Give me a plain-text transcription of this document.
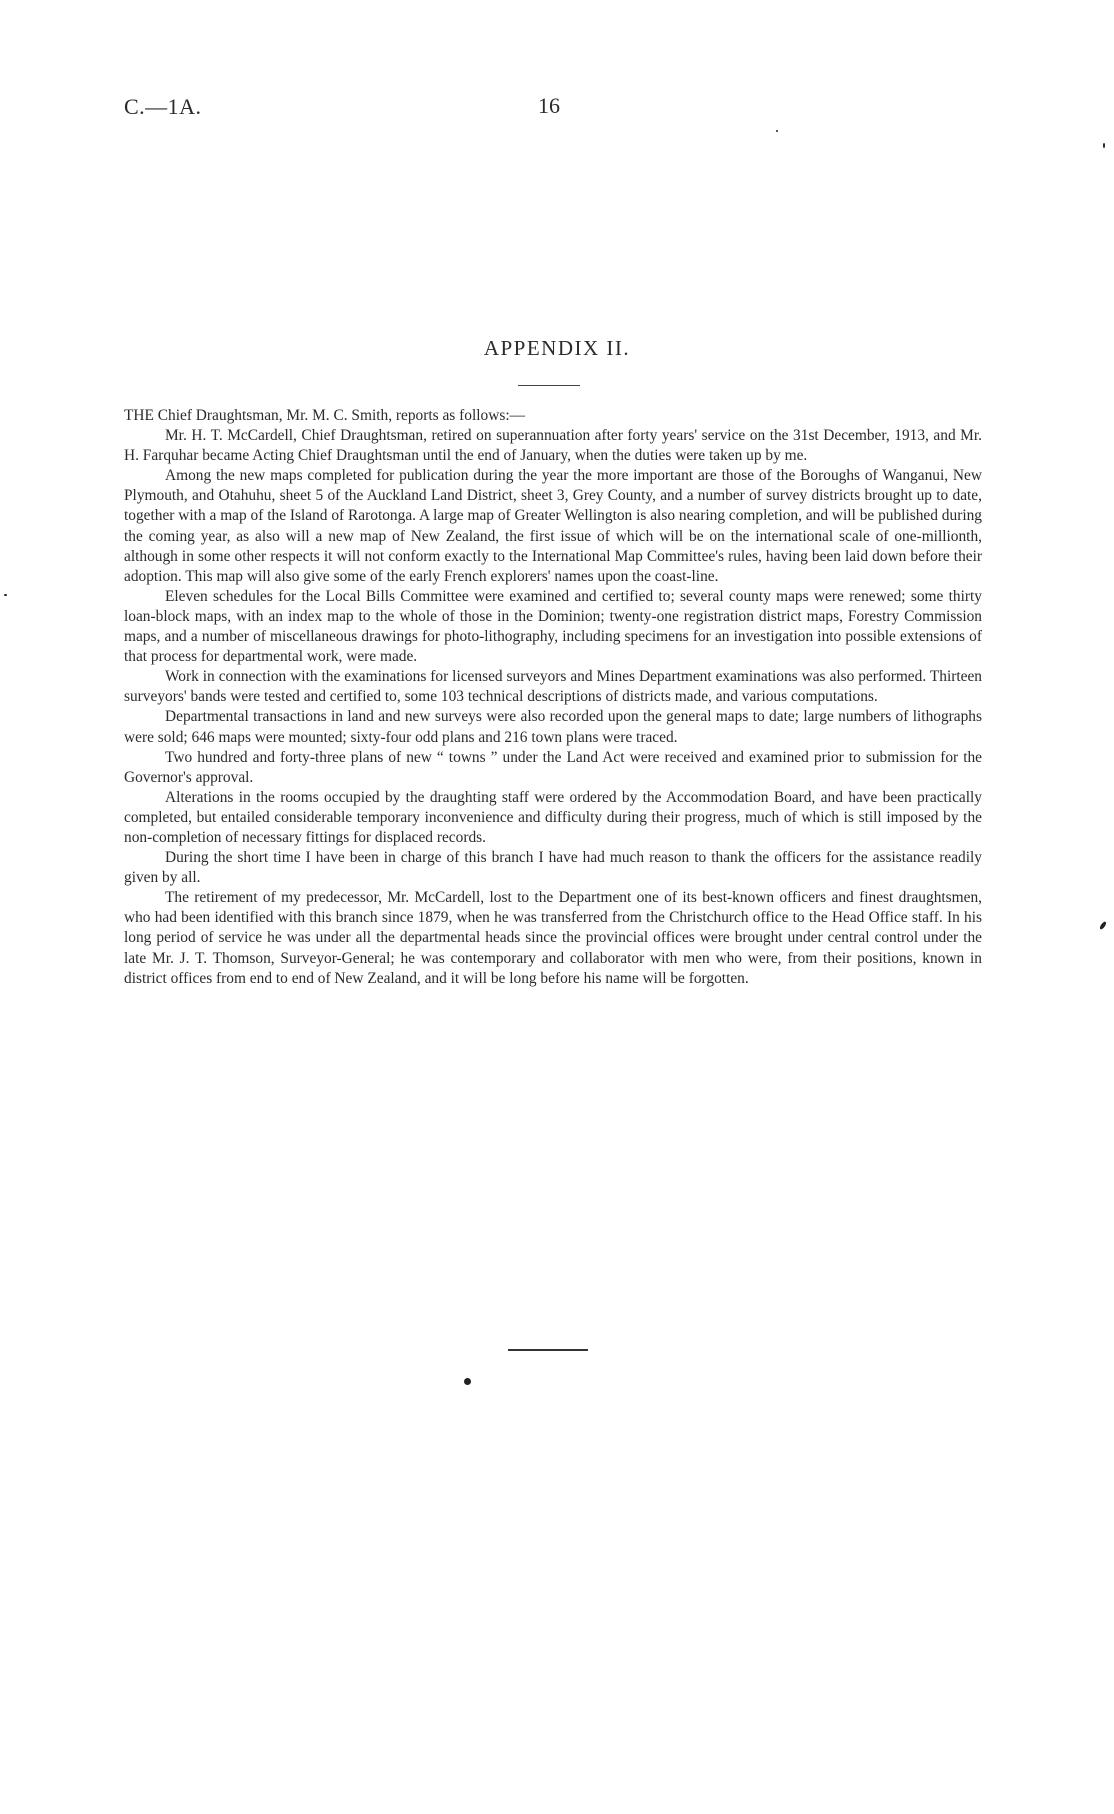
C.—1A.	16
APPENDIX II.

THE Chief Draughtsman, Mr. M. C. Smith, reports as follows:—

Mr. H. T. McCardell, Chief Draughtsman, retired on superannuation after forty years' service on the 31st December, 1913, and Mr. H. Farquhar became Acting Chief Draughtsman until the end of January, when the duties were taken up by me.

Among the new maps completed for publication during the year the more important are those of the Boroughs of Wanganui, New Plymouth, and Otahuhu, sheet 5 of the Auckland Land District, sheet 3, Grey County, and a number of survey districts brought up to date, together with a map of the Island of Rarotonga. A large map of Greater Wellington is also nearing completion, and will be published during the coming year, as also will a new map of New Zealand, the first issue of which will be on the international scale of one-millionth, although in some other respects it will not conform exactly to the International Map Committee's rules, having been laid down before their adoption. This map will also give some of the early French explorers' names upon the coast-line.

Eleven schedules for the Local Bills Committee were examined and certified to; several county maps were renewed; some thirty loan-block maps, with an index map to the whole of those in the Dominion; twenty-one registration district maps, Forestry Commission maps, and a number of miscellaneous drawings for photo-lithography, including specimens for an investigation into possible extensions of that process for departmental work, were made.

Work in connection with the examinations for licensed surveyors and Mines Department examinations was also performed. Thirteen surveyors' bands were tested and certified to, some 103 technical descriptions of districts made, and various computations.

Departmental transactions in land and new surveys were also recorded upon the general maps to date; large numbers of lithographs were sold; 646 maps were mounted; sixty-four odd plans and 216 town plans were traced.

Two hundred and forty-three plans of new “ towns ” under the Land Act were received and examined prior to submission for the Governor's approval.

Alterations in the rooms occupied by the draughting staff were ordered by the Accommodation Board, and have been practically completed, but entailed considerable temporary inconvenience and difficulty during their progress, much of which is still imposed by the non-completion of necessary fittings for displaced records.

During the short time I have been in charge of this branch I have had much reason to thank the officers for the assistance readily given by all.

The retirement of my predecessor, Mr. McCardell, lost to the Department one of its best-known officers and finest draughtsmen, who had been identified with this branch since 1879, when he was transferred from the Christchurch office to the Head Office staff. In his long period of service he was under all the departmental heads since the provincial offices were brought under central control under the late Mr. J. T. Thomson, Surveyor-General; he was contemporary and collaborator with men who were, from their positions, known in district offices from end to end of New Zealand, and it will be long before his name will be forgotten.
